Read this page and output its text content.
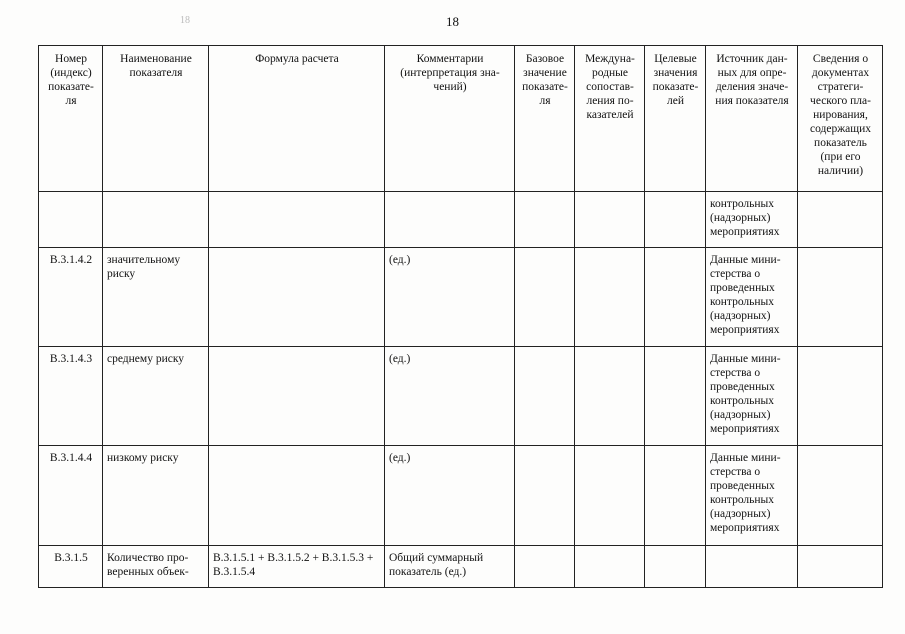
18	18
Номер (индекс) показате-ля	Наименование показателя	Формула расчета	Комментарии (интерпретация зна-чений)	Базовое значение показате-ля	Междуна-родные сопостав-ления по-казателей	Целевые значения показате-лей	Источник дан-ных для опре-деления значе-ния показателя	Сведения о документах стратеги-ческого пла-нирования, содержащих показатель (при его наличии)
							контрольных (надзорных) мероприятиях	
В.3.1.4.2	значительному риску		(ед.)				Данные мини-стерства о проведенных контрольных (надзорных) мероприятиях	
В.3.1.4.3	среднему риску		(ед.)				Данные мини-стерства о проведенных контрольных (надзорных) мероприятиях	
В.3.1.4.4	низкому риску		(ед.)				Данные мини-стерства о проведенных контрольных (надзорных) мероприятиях	
В.3.1.5	Количество про-веренных объек-	В.3.1.5.1 + В.3.1.5.2 + В.3.1.5.3 + В.3.1.5.4	Общий суммарный показатель (ед.)					
